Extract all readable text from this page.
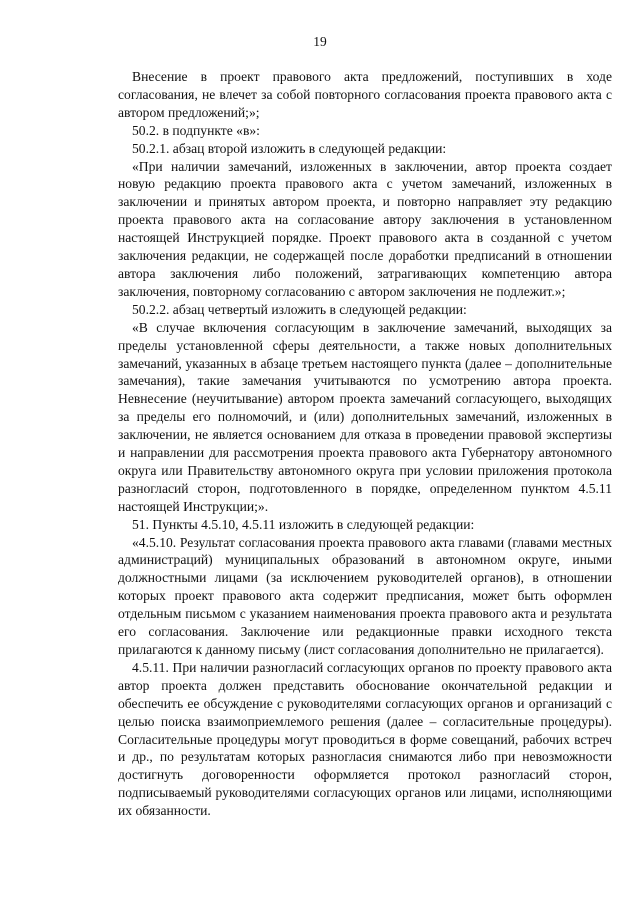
19

Внесение в проект правового акта предложений, поступивших в ходе согласования, не влечет за собой повторного согласования проекта правового акта с автором предложений;»;

50.2. в подпункте «в»:

50.2.1. абзац второй изложить в следующей редакции:

«При наличии замечаний, изложенных в заключении, автор проекта создает новую редакцию проекта правового акта с учетом замечаний, изложенных в заключении и принятых автором проекта, и повторно направляет эту редакцию проекта правового акта на согласование автору заключения в установленном настоящей Инструкцией порядке. Проект правового акта в созданной с учетом заключения редакции, не содержащей после доработки предписаний в отношении автора заключения либо положений, затрагивающих компетенцию автора заключения, повторному согласованию с автором заключения не подлежит.»;

50.2.2. абзац четвертый изложить в следующей редакции:

«В случае включения согласующим в заключение замечаний, выходящих за пределы установленной сферы деятельности, а также новых дополнительных замечаний, указанных в абзаце третьем настоящего пункта (далее – дополнительные замечания), такие замечания учитываются по усмотрению автора проекта. Невнесение (неучитывание) автором проекта замечаний согласующего, выходящих за пределы его полномочий, и (или) дополнительных замечаний, изложенных в заключении, не является основанием для отказа в проведении правовой экспертизы и направлении для рассмотрения проекта правового акта Губернатору автономного округа или Правительству автономного округа при условии приложения протокола разногласий сторон, подготовленного в порядке, определенном пунктом 4.5.11 настоящей Инструкции;».

51. Пункты 4.5.10, 4.5.11 изложить в следующей редакции:

«4.5.10. Результат согласования проекта правового акта главами (главами местных администраций) муниципальных образований в автономном округе, иными должностными лицами (за исключением руководителей органов), в отношении которых проект правового акта содержит предписания, может быть оформлен отдельным письмом с указанием наименования проекта правового акта и результата его согласования. Заключение или редакционные правки исходного текста прилагаются к данному письму (лист согласования дополнительно не прилагается).

4.5.11. При наличии разногласий согласующих органов по проекту правового акта автор проекта должен представить обоснование окончательной редакции и обеспечить ее обсуждение с руководителями согласующих органов и организаций с целью поиска взаимоприемлемого решения (далее – согласительные процедуры). Согласительные процедуры могут проводиться в форме совещаний, рабочих встреч и др., по результатам которых разногласия снимаются либо при невозможности достигнуть договоренности оформляется протокол разногласий сторон, подписываемый руководителями согласующих органов или лицами, исполняющими их обязанности.
